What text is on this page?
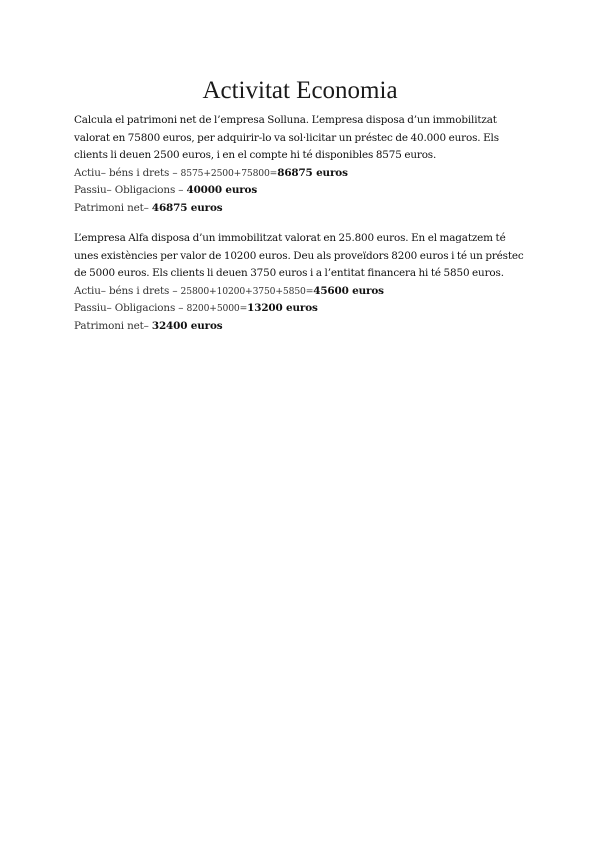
Activitat Economia

Calcula el patrimoni net de l’empresa Solluna. L’empresa disposa d’un immobilitzat
valorat en 75800 euros, per adquirir-lo va sol·licitar un préstec de 40.000 euros. Els
clients li deuen 2500 euros, i en el compte hi té disponibles 8575 euros.

Actiu– béns i drets – 8575+2500+75800=86875 euros

Passiu– Obligacions – 40000 euros

Patrimoni net– 46875 euros

L’empresa Alfa disposa d’un immobilitzat valorat en 25.800 euros. En el magatzem té
unes existències per valor de 10200 euros. Deu als proveïdors 8200 euros i té un préstec
de 5000 euros. Els clients li deuen 3750 euros i a l’entitat financera hi té 5850 euros.

Actiu– béns i drets – 25800+10200+3750+5850=45600 euros

Passiu– Obligacions – 8200+5000=13200 euros

Patrimoni net– 32400 euros
